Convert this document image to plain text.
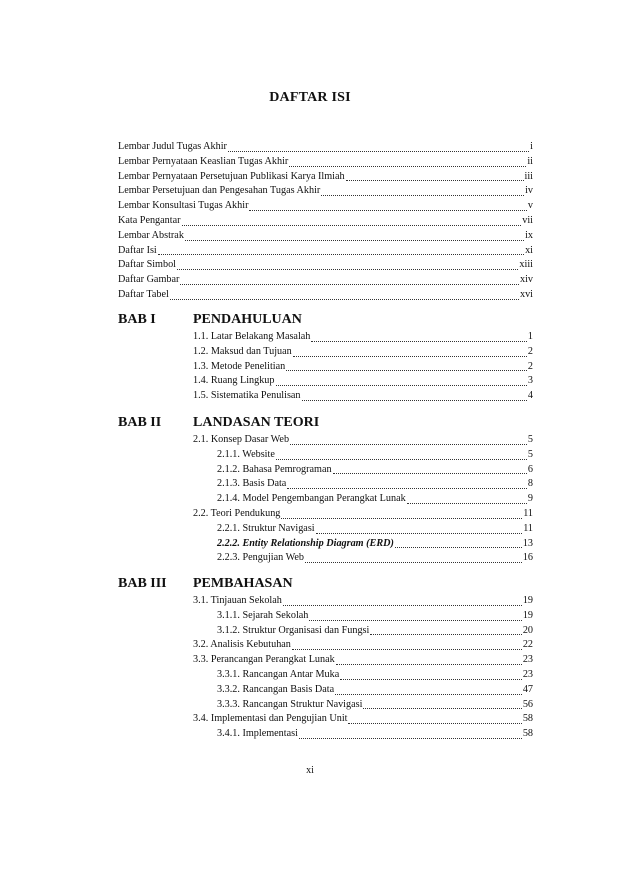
DAFTAR ISI
Lembar Judul Tugas Akhir	i
Lembar Pernyataan Keaslian Tugas Akhir	ii
Lembar Pernyataan Persetujuan Publikasi Karya Ilmiah	iii
Lembar Persetujuan dan Pengesahan Tugas Akhir	iv
Lembar Konsultasi Tugas Akhir	v
Kata Pengantar	vii
Lembar Abstrak	ix
Daftar Isi	xi
Daftar Simbol	xiii
Daftar Gambar	xiv
Daftar Tabel	xvi
BAB I	PENDAHULUAN
1.1. Latar Belakang Masalah	1
1.2. Maksud dan Tujuan	2
1.3. Metode Penelitian	2
1.4. Ruang Lingkup	3
1.5. Sistematika Penulisan	4
BAB II	LANDASAN TEORI
2.1. Konsep Dasar Web	5
2.1.1. Website	5
2.1.2. Bahasa Pemrograman	6
2.1.3. Basis Data	8
2.1.4. Model Pengembangan Perangkat Lunak	9
2.2. Teori Pendukung	11
2.2.1. Struktur Navigasi	11
2.2.2. Entity Relationship Diagram (ERD)	13
2.2.3. Pengujian Web	16
BAB III	PEMBAHASAN
3.1. Tinjauan Sekolah	19
3.1.1. Sejarah Sekolah	19
3.1.2. Struktur Organisasi dan Fungsi	20
3.2. Analisis Kebutuhan	22
3.3. Perancangan Perangkat Lunak	23
3.3.1. Rancangan Antar Muka	23
3.3.2. Rancangan Basis Data	47
3.3.3. Rancangan Struktur Navigasi	56
3.4. Implementasi dan Pengujian Unit	58
3.4.1. Implementasi	58
xi
